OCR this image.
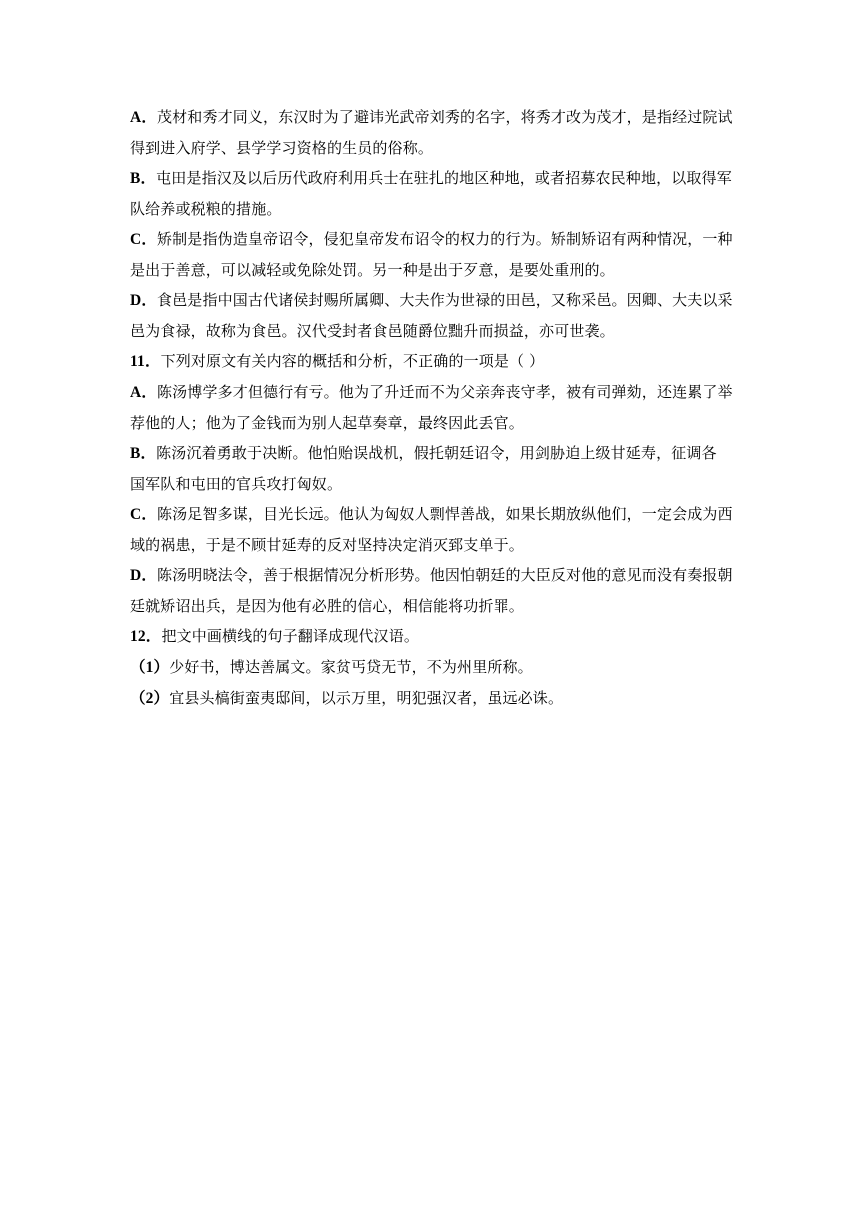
A．茂材和秀才同义，东汉时为了避讳光武帝刘秀的名字，将秀才改为茂才，是指经过院试
得到进入府学、县学学习资格的生员的俗称。
B．屯田是指汉及以后历代政府利用兵士在驻扎的地区种地，或者招募农民种地，以取得军
队给养或税粮的措施。
C．矫制是指伪造皇帝诏令，侵犯皇帝发布诏令的权力的行为。矫制矫诏有两种情况，一种
是出于善意，可以减轻或免除处罚。另一种是出于歹意，是要处重刑的。
D．食邑是指中国古代诸侯封赐所属卿、大夫作为世禄的田邑，又称采邑。因卿、大夫以采
邑为食禄，故称为食邑。汉代受封者食邑随爵位黜升而损益，亦可世袭。
11．下列对原文有关内容的概括和分析，不正确的一项是（ ）
A．陈汤博学多才但德行有亏。他为了升迁而不为父亲奔丧守孝，被有司弹劾，还连累了举
荐他的人；他为了金钱而为别人起草奏章，最终因此丢官。
B．陈汤沉着勇敢于决断。他怕贻误战机，假托朝廷诏令，用剑胁迫上级甘延寿，征调各
国军队和屯田的官兵攻打匈奴。
C．陈汤足智多谋，目光长远。他认为匈奴人剽悍善战，如果长期放纵他们，一定会成为西
域的祸患，于是不顾甘延寿的反对坚持决定消灭郅支单于。
D．陈汤明晓法令，善于根据情况分析形势。他因怕朝廷的大臣反对他的意见而没有奏报朝
廷就矫诏出兵，是因为他有必胜的信心，相信能将功折罪。
12．把文中画横线的句子翻译成现代汉语。
（1）少好书，博达善属文。家贫丐贷无节，不为州里所称。
（2）宜县头槁街蛮夷邸间，以示万里，明犯强汉者，虽远必诛。
